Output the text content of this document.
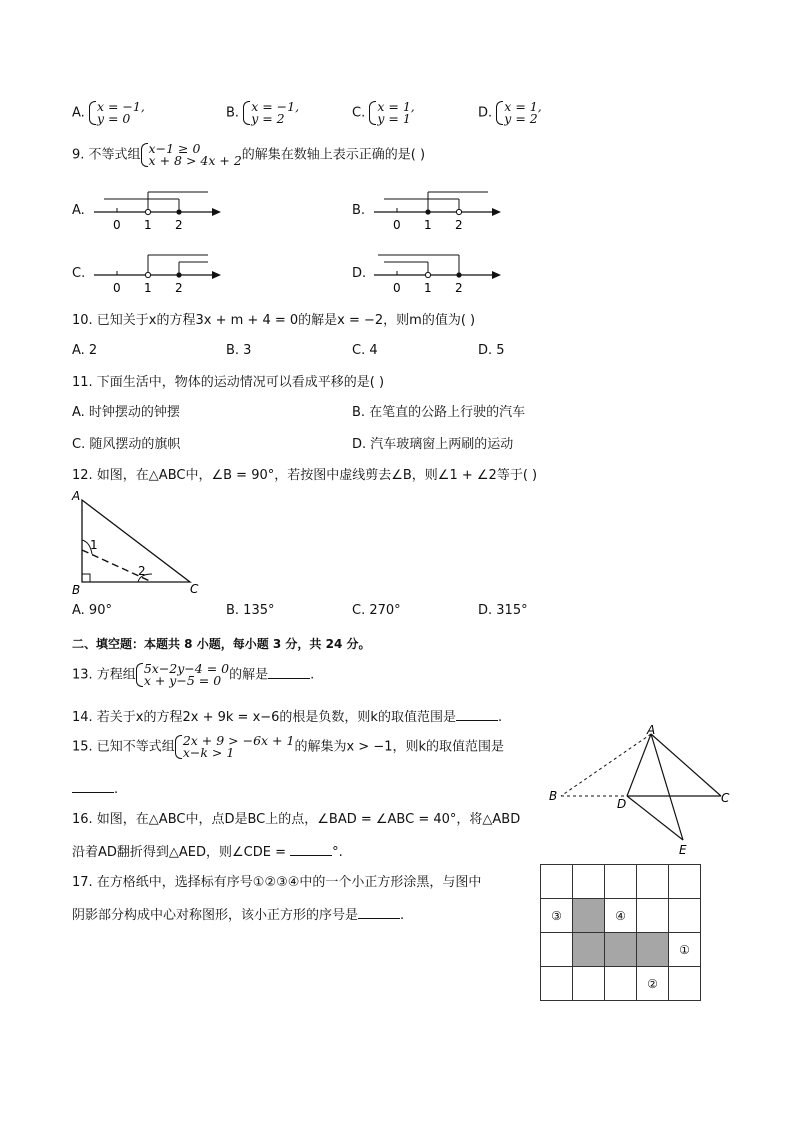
A. x = −1,
y = 0	B. x = −1,
y = 2	C. x = 1,
y = 1	D. x = 1,
y = 2
9. 不等式组 x−1 ≥ 0
x + 8 > 4x + 2 的解集在数轴上表示正确的是( )
A.
0 1 2
B.
0 1 2
C.
0 1 2
D.
0 1 2
10. 已知关于x的方程3x + m + 4 = 0的解是x = −2，则m的值为( )
A. 2	B. 3	C. 4	D. 5
11. 下面生活中，物体的运动情况可以看成平移的是( )
A. 时钟摆动的钟摆	B. 在笔直的公路上行驶的汽车
C. 随风摆动的旗帜	D. 汽车玻璃窗上两刷的运动
12. 如图，在△ABC中，∠B = 90°，若按图中虚线剪去∠B，则∠1 + ∠2等于( )
A
B	C
1
2
A. 90°	B. 135°	C. 270°	D. 315°
二、填空题：本题共 8 小题，每小题 3 分，共 24 分。
13. 方程组 5x−2y−4 = 0
x + y−5 = 0 的解是	.
14. 若关于x的方程2x + 9k = x−6的根是负数，则k的取值范围是	.
15. 已知不等式组 2x + 9 > −6x + 1
x−k > 1	的解集为x > −1，则k的取值范围是
.
A
B	C
D
E
16. 如图，在△ABC中，点D是BC上的点，∠BAD = ∠ABC = 40°，将△ABD
沿着AD翻折得到△AED，则∠CDE =	°.
17. 在方格纸中，选择标有序号①②③④中的一个小正方形涂黑，与图中
阴影部分构成中心对称图形，该小正方形的序号是	.
					③		④		
				①
			②	
